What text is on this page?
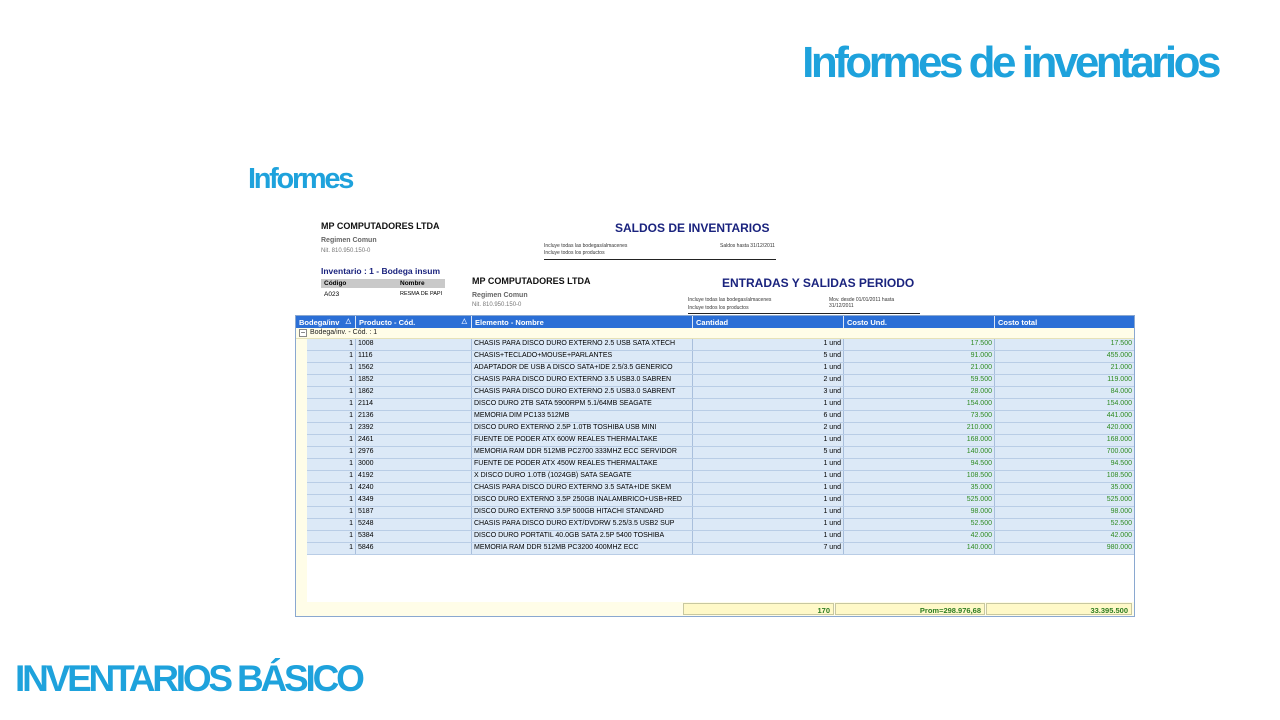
Informes de inventarios
Informes
MP COMPUTADORES LTDA	SALDOS DE INVENTARIOS
Regimen Comun
Nit. 810.950.150-0
Incluye todas las bodegas/almacenes
Incluye todos los productos
Saldos hasta 31/12/2011
Inventario : 1 - Bodega insum
Código	Nombre
A023	RESMA DE PAPI
MP COMPUTADORES LTDA	ENTRADAS Y SALIDAS PERIODO
Regimen Comun
Nit. 810.950.150-0
Incluye todas las bodegas/almacenes
Incluye todos los productos
Mov. desde 01/01/2011 hasta 31/12/2011
Bodega/inv △	Producto - Cód.	△	Elemento - Nombre	Cantidad	Costo Und.	Costo total
− Bodega/inv. - Cód. : 1
1 1008	CHASIS PARA DISCO DURO EXTERNO 2.5 USB SATA XTECH	1 und	17.500	17.500
1 1116	CHASIS+TECLADO+MOUSE+PARLANTES	5 und	91.000	455.000
1 1562	ADAPTADOR DE USB A DISCO SATA+IDE 2.5/3.5 GENERICO	1 und	21.000	21.000
1 1852	CHASIS PARA DISCO DURO EXTERNO 3.5 USB3.0 SABREN	2 und	59.500	119.000
1 1862	CHASIS PARA DISCO DURO EXTERNO 2.5 USB3.0 SABRENT	3 und	28.000	84.000
1 2114	DISCO DURO 2TB SATA 5900RPM 5.1/64MB SEAGATE	1 und	154.000	154.000
1 2136	MEMORIA DIM PC133 512MB	6 und	73.500	441.000
1 2392	DISCO DURO EXTERNO 2.5P 1.0TB TOSHIBA USB MINI	2 und	210.000	420.000
1 2461	FUENTE DE PODER ATX 600W REALES THERMALTAKE	1 und	168.000	168.000
1 2976	MEMORIA RAM DDR 512MB PC2700 333MHZ ECC SERVIDOR	5 und	140.000	700.000
1 3000	FUENTE DE PODER ATX 450W REALES THERMALTAKE	1 und	94.500	94.500
1 4192	X DISCO DURO 1.0TB (1024GB) SATA SEAGATE	1 und	108.500	108.500
1 4240	CHASIS PARA DISCO DURO EXTERNO 3.5 SATA+IDE SKEM	1 und	35.000	35.000
1 4349	DISCO DURO EXTERNO 3.5P 250GB INALAMBRICO+USB+RED	1 und	525.000	525.000
1 5187	DISCO DURO EXTERNO 3.5P 500GB HITACHI STANDARD	1 und	98.000	98.000
1 5248	CHASIS PARA DISCO DURO EXT/DVDRW 5.25/3.5 USB2 SUP	1 und	52.500	52.500
1 5384	DISCO DURO PORTATIL 40.0GB SATA 2.5P 5400 TOSHIBA	1 und	42.000	42.000
1 5846	MEMORIA RAM DDR 512MB PC3200 400MHZ ECC	7 und	140.000	980.000
170	Prom=298.976,68	33.395.500
INVENTARIOS BÁSICO
